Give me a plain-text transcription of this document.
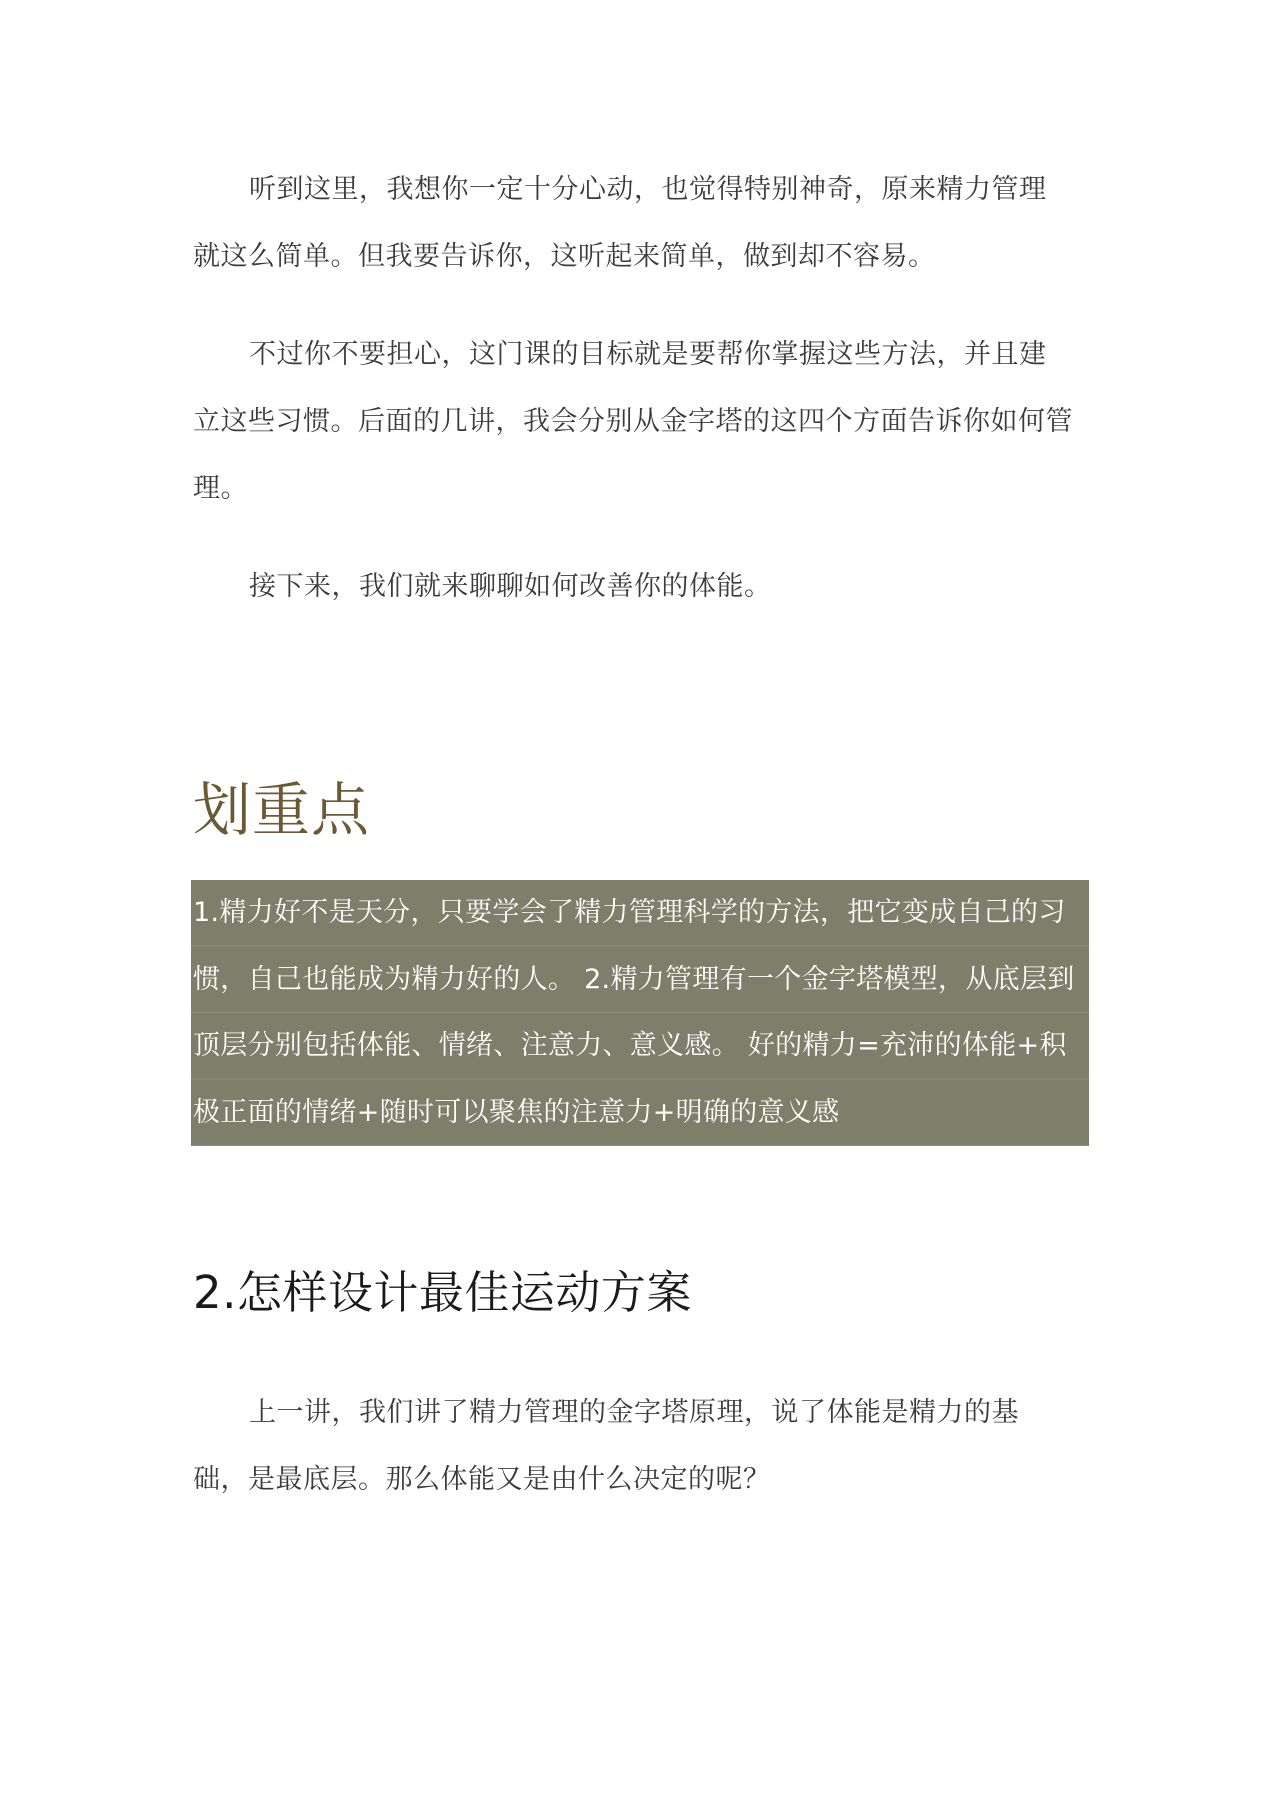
听到这里，我想你一定十分心动，也觉得特别神奇，原来精力管理就这么简单。但我要告诉你，这听起来简单，做到却不容易。

不过你不要担心，这门课的目标就是要帮你掌握这些方法，并且建立这些习惯。后面的几讲，我会分别从金字塔的这四个方面告诉你如何管理。

接下来，我们就来聊聊如何改善你的体能。

划重点
1.精力好不是天分，只要学会了精力管理科学的方法，把它变成自己的习惯，自己也能成为精力好的人。 2.精力管理有一个金字塔模型，从底层到顶层分别包括体能、情绪、注意力、意义感。 好的精力=充沛的体能+积极正面的情绪+随时可以聚焦的注意力+明确的意义感
2.怎样设计最佳运动方案

上一讲，我们讲了精力管理的金字塔原理，说了体能是精力的基础，是最底层。那么体能又是由什么决定的呢？
